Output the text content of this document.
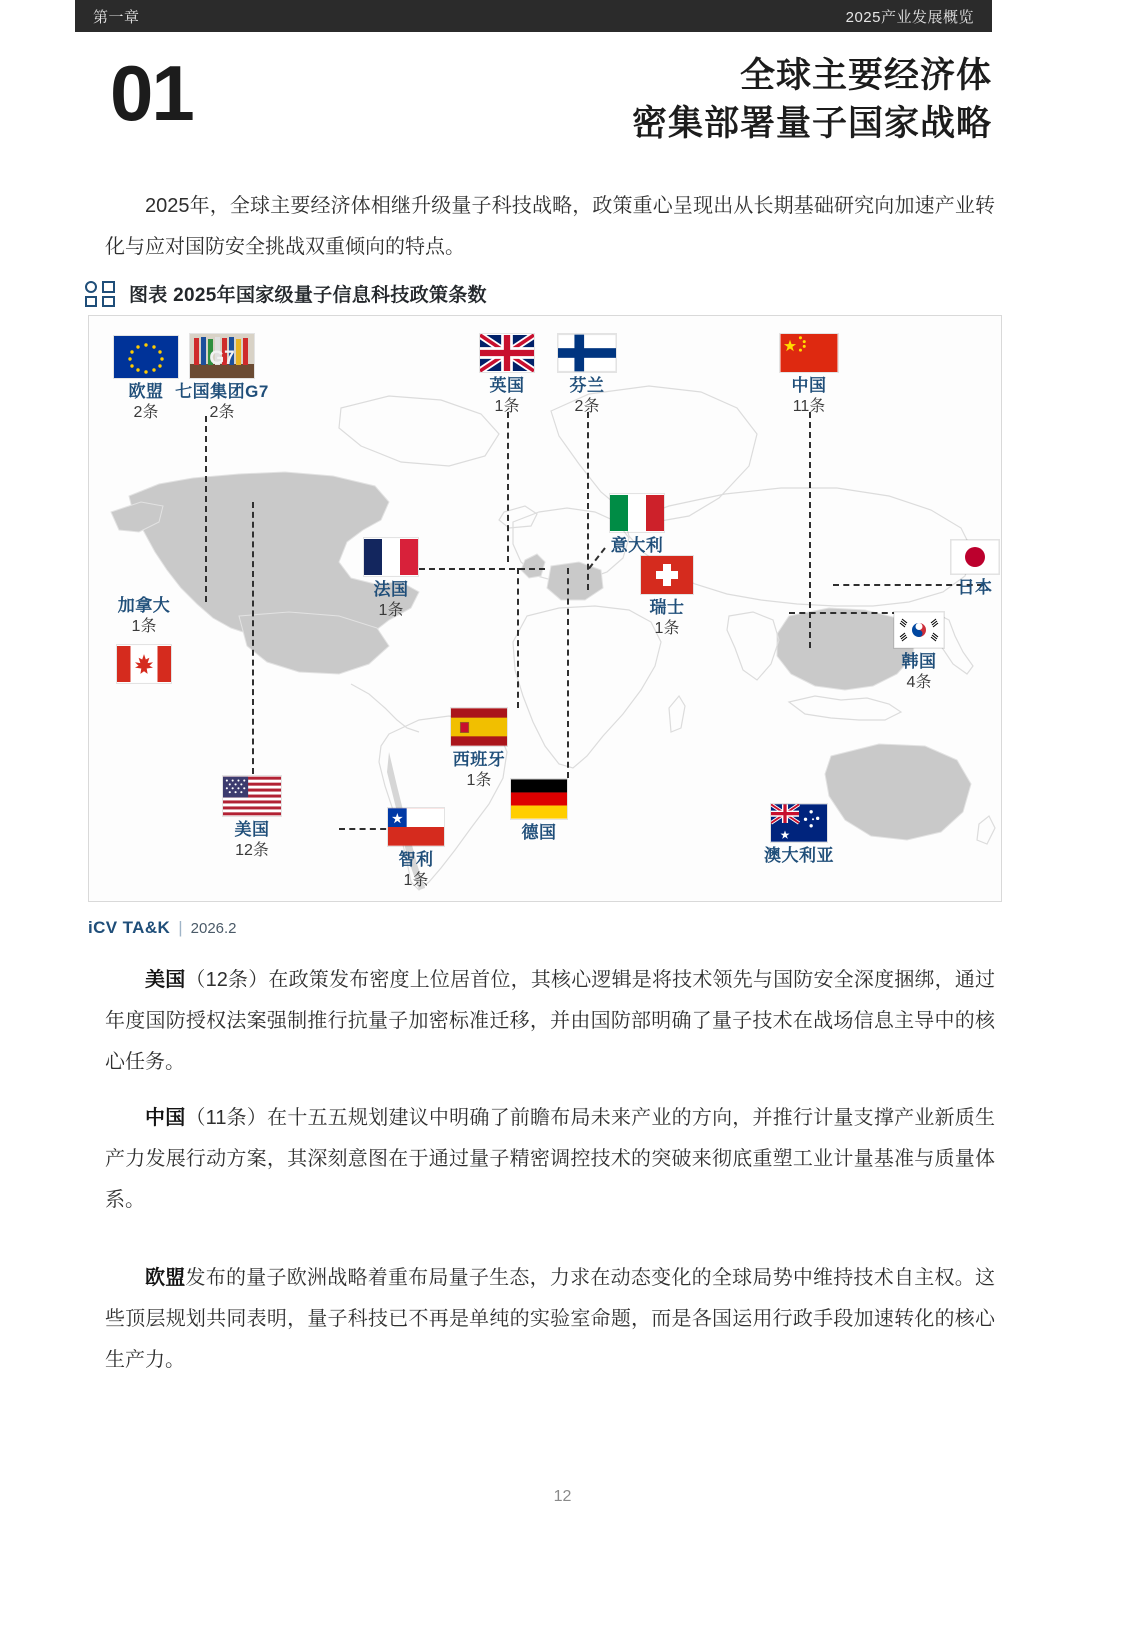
第一章	2025产业发展概览
01	全球主要经济体
密集部署量子国家战略
2025年，全球主要经济体相继升级量子科技战略，政策重心呈现出从长期基础研究向加速产业转化与应对国防安全挑战双重倾向的特点。
图表 2025年国家级量子信息科技政策条数
欧盟
2条
G7
七国集团G7
2条
英国
1条
芬兰
2条
中国
11条
法国
1条
意大利
瑞士
1条
日本
韩国
4条
加拿大
1条
美国
12条
西班牙
1条
智利
1条
德国
澳大利亚
iCV TA&K | 2026.2
美国（12条）在政策发布密度上位居首位，其核心逻辑是将技术领先与国防安全深度捆绑，通过年度国防授权法案强制推行抗量子加密标准迁移，并由国防部明确了量子技术在战场信息主导中的核心任务。
中国（11条）在十五五规划建议中明确了前瞻布局未来产业的方向，并推行计量支撑产业新质生产力发展行动方案，其深刻意图在于通过量子精密调控技术的突破来彻底重塑工业计量基准与质量体系。
欧盟发布的量子欧洲战略着重布局量子生态，力求在动态变化的全球局势中维持技术自主权。这些顶层规划共同表明，量子科技已不再是单纯的实验室命题，而是各国运用行政手段加速转化的核心生产力。
12
